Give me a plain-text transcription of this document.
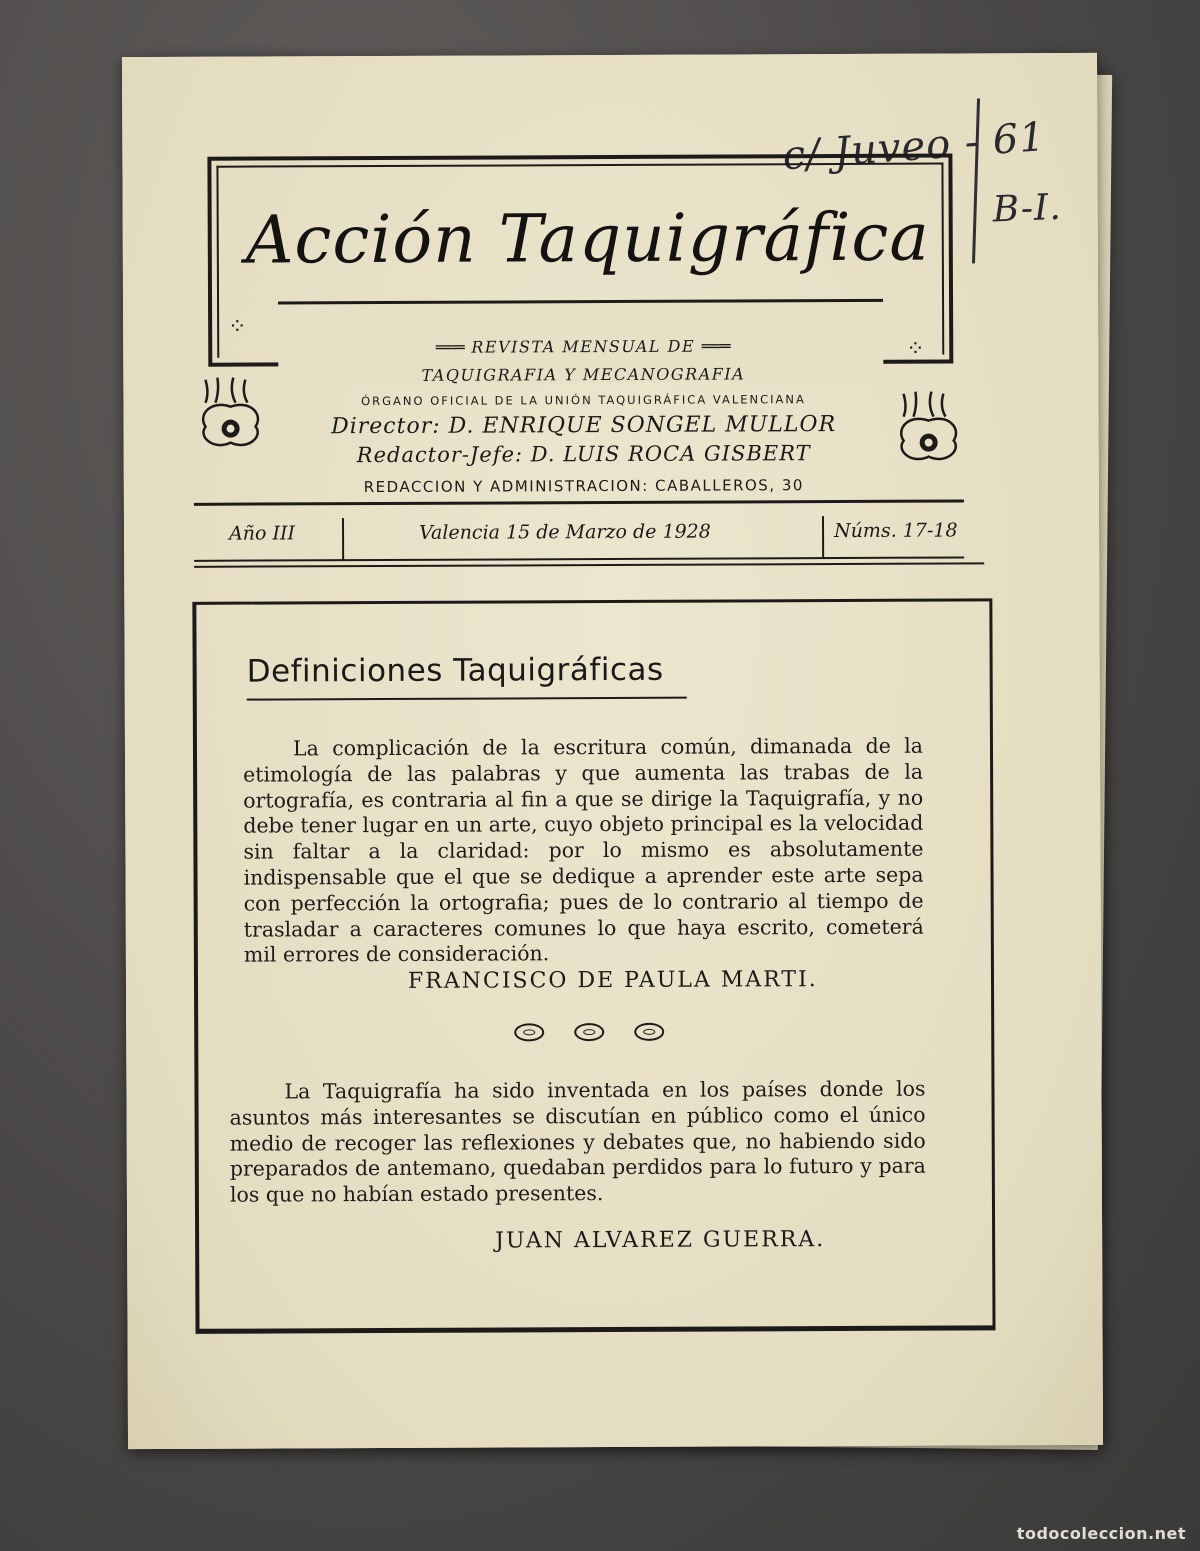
c/ Juveo - 61
B-I.
Acción Taquigráfica
⁘
⁘
═══ REVISTA MENSUAL DE ═══
TAQUIGRAFIA Y MECANOGRAFIA
ÓRGANO OFICIAL DE LA UNIÓN TAQUIGRÁFICA VALENCIANA
Director: D. ENRIQUE SONGEL MULLOR
Redactor-Jefe: D. LUIS ROCA GISBERT
REDACCION Y ADMINISTRACION: CABALLEROS, 30
Año III	Valencia 15 de Marzo de 1928	Núms. 17-18
Definiciones Taquigráficas
La complicación de la escritura común, dimanada de la etimología de las palabras y que aumenta las trabas de la ortografía, es contraria al fin a que se dirige la Taquigrafía, y no debe tener lugar en un arte, cuyo objeto principal es la velocidad sin faltar a la claridad: por lo mismo es absolutamente indispensable que el que se dedique a aprender este arte sepa con perfección la ortografia; pues de lo contrario al tiempo de trasladar a caracteres comunes lo que haya escrito, cometerá mil errores de consideración.
FRANCISCO DE PAULA MARTI.
La Taquigrafía ha sido inventada en los países donde los asuntos más interesantes se discutían en público como el único medio de recoger las reflexiones y debates que, no habiendo sido preparados de antemano, quedaban perdidos para lo futuro y para los que no habían estado presentes.
JUAN ALVAREZ GUERRA.
todocoleccion.net
